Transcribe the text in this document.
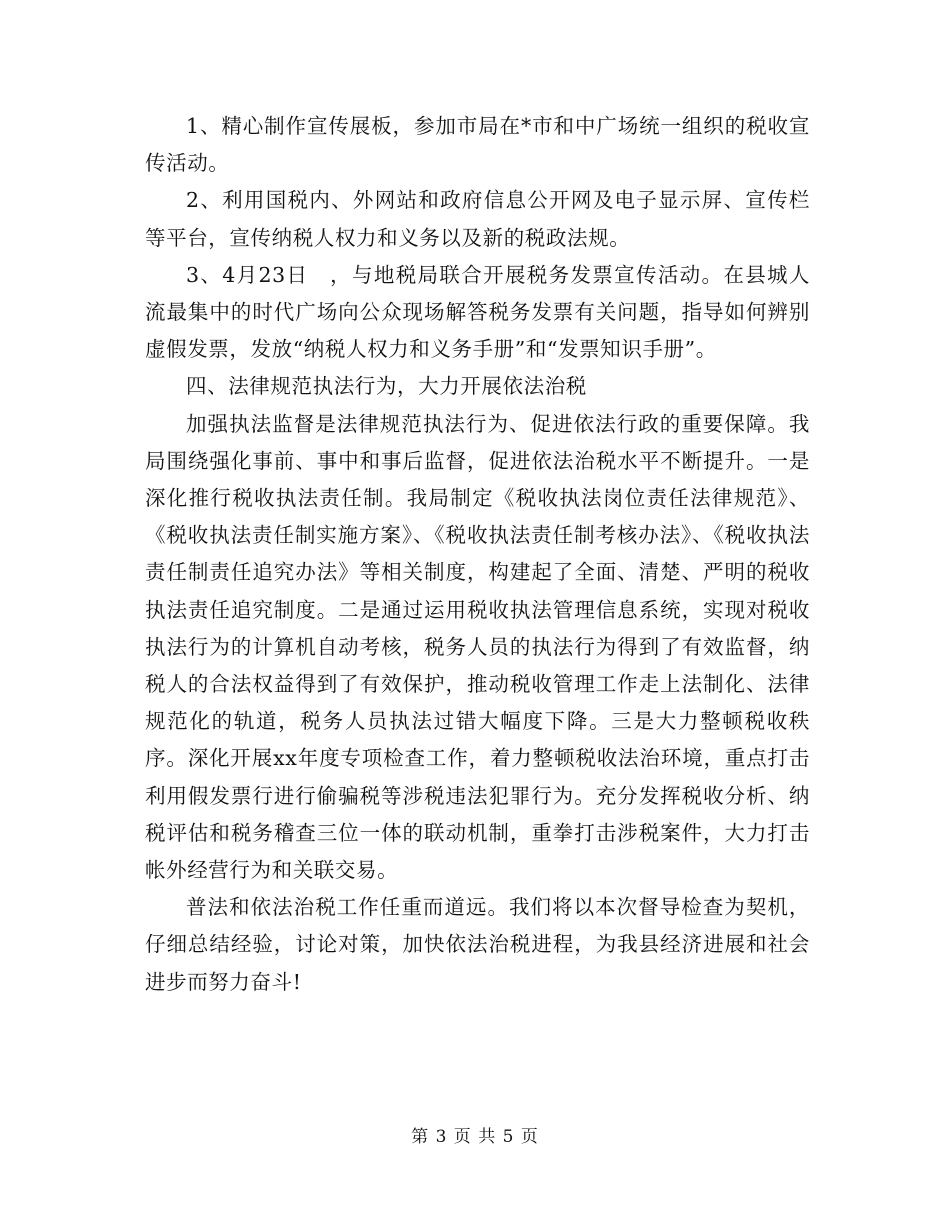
1、精心制作宣传展板，参加市局在*市和中广场统一组织的税收宣传活动。

2、利用国税内、外网站和政府信息公开网及电子显示屏、宣传栏等平台，宣传纳税人权力和义务以及新的税政法规。

3、4月23日　，与地税局联合开展税务发票宣传活动。在县城人流最集中的时代广场向公众现场解答税务发票有关问题，指导如何辨别虚假发票，发放“纳税人权力和义务手册”和“发票知识手册”。

四、法律规范执法行为，大力开展依法治税

加强执法监督是法律规范执法行为、促进依法行政的重要保障。我局围绕强化事前、事中和事后监督，促进依法治税水平不断提升。一是深化推行税收执法责任制。我局制定《税收执法岗位责任法律规范》、《税收执法责任制实施方案》、《税收执法责任制考核办法》、《税收执法责任制责任追究办法》等相关制度，构建起了全面、清楚、严明的税收执法责任追究制度。二是通过运用税收执法管理信息系统，实现对税收执法行为的计算机自动考核，税务人员的执法行为得到了有效监督，纳税人的合法权益得到了有效保护，推动税收管理工作走上法制化、法律规范化的轨道，税务人员执法过错大幅度下降。三是大力整顿税收秩序。深化开展xx年度专项检查工作，着力整顿税收法治环境，重点打击利用假发票行进行偷骗税等涉税违法犯罪行为。充分发挥税收分析、纳税评估和税务稽查三位一体的联动机制，重拳打击涉税案件，大力打击帐外经营行为和关联交易。

普法和依法治税工作任重而道远。我们将以本次督导检查为契机，仔细总结经验，讨论对策，加快依法治税进程，为我县经济进展和社会进步而努力奋斗!

第 3 页 共 5 页
